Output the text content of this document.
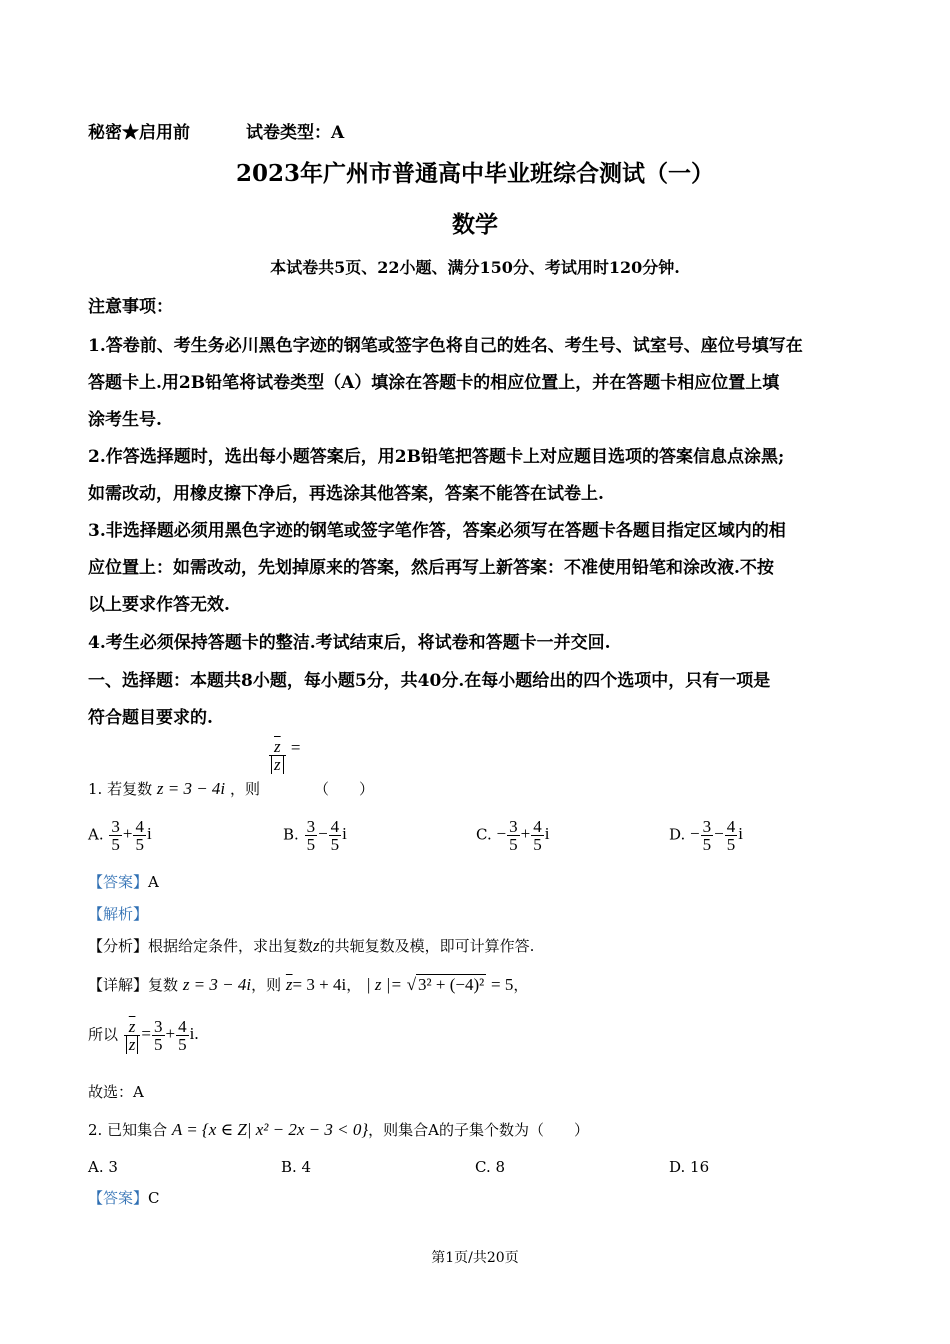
秘密★启用前	试卷类型：A
2023年广州市普通高中毕业班综合测试（一）
数学
本试卷共5页、22小题、满分150分、考试用时120分钟.
注意事项：
1.答卷前、考生务必川黑色字迹的钢笔或签字色将自己的姓名、考生号、试室号、座位号填写在
答题卡上.用2B铅笔将试卷类型（A）填涂在答题卡的相应位置上，并在答题卡相应位置上填
涂考生号.
2.作答选择题时，选出每小题答案后，用2B铅笔把答题卡上对应题目选项的答案信息点涂黑;
如需改动，用橡皮擦下净后，再选涂其他答案，答案不能答在试卷上.
3.非选择题必须用黑色字迹的钢笔或签字笔作答，答案必须写在答题卡各题目指定区域内的相
应位置上：如需改动，先划掉原来的答案，然后再写上新答案：不准使用铅笔和涂改液.不按
以上要求作答无效.
4.考生必须保持答题卡的整洁.考试结束后，将试卷和答题卡一并交回.
一、选择题：本题共8小题，每小题5分，共40分.在每小题给出的四个选项中，只有一项是
符合题目要求的.
1. 若复数 z = 3 − 4i ，则
$\frac{\overline{z}}{z}$ =
（　　）
A. $\frac{3}{5} + \frac{4}{5}$ i	B. $\frac{3}{5} - \frac{4}{5}$ i	C. − $\frac{3}{5} + \frac{4}{5}$ i	D. − $\frac{3}{5} - \frac{4}{5}$ i
【答案】A
【解析】
【分析】根据给定条件，求出复数z的共轭复数及模，即可计算作答.
【详解】复数 z = 3 − 4i，则 $\overline{z}= 3 + 4i$， | z |= √ 3² + (−4)² = 5，
所以 $\frac{\overline{z}}{z} = \frac{3}{5} + \frac{4}{5} i$.
故选：A
2. 已知集合 A = {x ∈ Z| x² − 2x − 3 < 0}，则集合A的子集个数为（　　）
A. 3	B. 4	C. 8	D. 16
【答案】C
第1页/共20页
